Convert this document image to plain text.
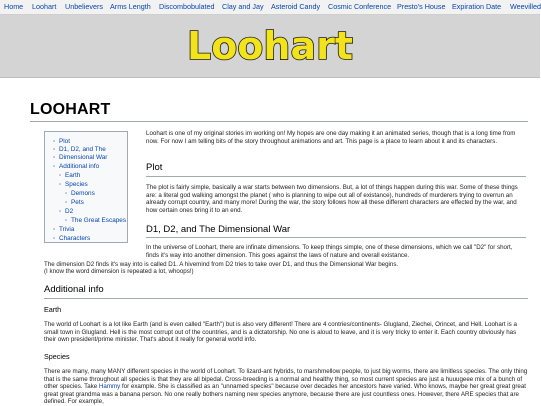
Home Loohart Unbelievers Arms Length Discombobulated Clay and Jay Asteroid Candy Cosmic Conference Presto's House Expiration Date Weevilled
Loohart
LOOHART
◦ Plot
◦ D1, D2, and The
◦ Dimensional War
◦ Additional info
◦ Earth
◦ Species
◦ Demons
◦ Pets
◦ D2
◦ The Great Escapes
◦ Trivia
◦ Characters

Loohart is one of my original stories im working on! My hopes are one day making it an animated series, though that is a long time from now. For now I am telling bits of the story throughout animations and art. This page is a place to learn about it and its characters.

Plot

The plot is fairly simple, basically a war starts between two dimensions. But, a lot of things happen during this war. Some of these things are: a literal god walking amongst the planet ( who is planning to wipe out all of existance), hundreds of murderers trying to overrun an already corrupt country, and many more! During the war, the story follows how all these different characters are effected by the war, and how certain ones bring it to an end.

D1, D2, and The Dimensional War

In the universe of Loohart, there are infinate dimensions. To keep things simple, one of these dimensions, which we call "D2" for short, finds it's way into another dimension. This goes against the laws of nature and overall existance.

The dimension D2 finds it's way into is called D1. A hivemind from D2 tries to take over D1, and thus the Dimensional War begins.

(I know the word dimension is repeated a lot, whoops!)

Additional info
Earth

The world of Loohart is a lot like Earth (and is even called "Earth") but is also very different! There are 4 contries/continents- Glugland, Ziechei, Orincet, and Hell. Loohart is a small town in Glugland. Hell is the most corrupt out of the countries, and is a dictatorship. No one is aloud to leave, and it is very tricky to enter it. Each country obviously has their own president/prime minister. That's about it really for general world info.

Species

There are many, many MANY different species in the world of Loohart. To lizard-ant hybrids, to marshmellow people, to just big worms, there are limitless species. The only thing that is the same throughout all species is that they are all bipedal. Cross-breeding is a normal and healthy thing, so most current species are just a huuugeee mix of a bunch of other species. Take Hammy for example. She is classified as an "unnamed species" because over decades her ancestors have varied. Who knows, maybe her great great great great great grandma was a banana person. No one really bothers naming new species anymore, because there are just countless ones. However, there ARE species that are defined. For example,
